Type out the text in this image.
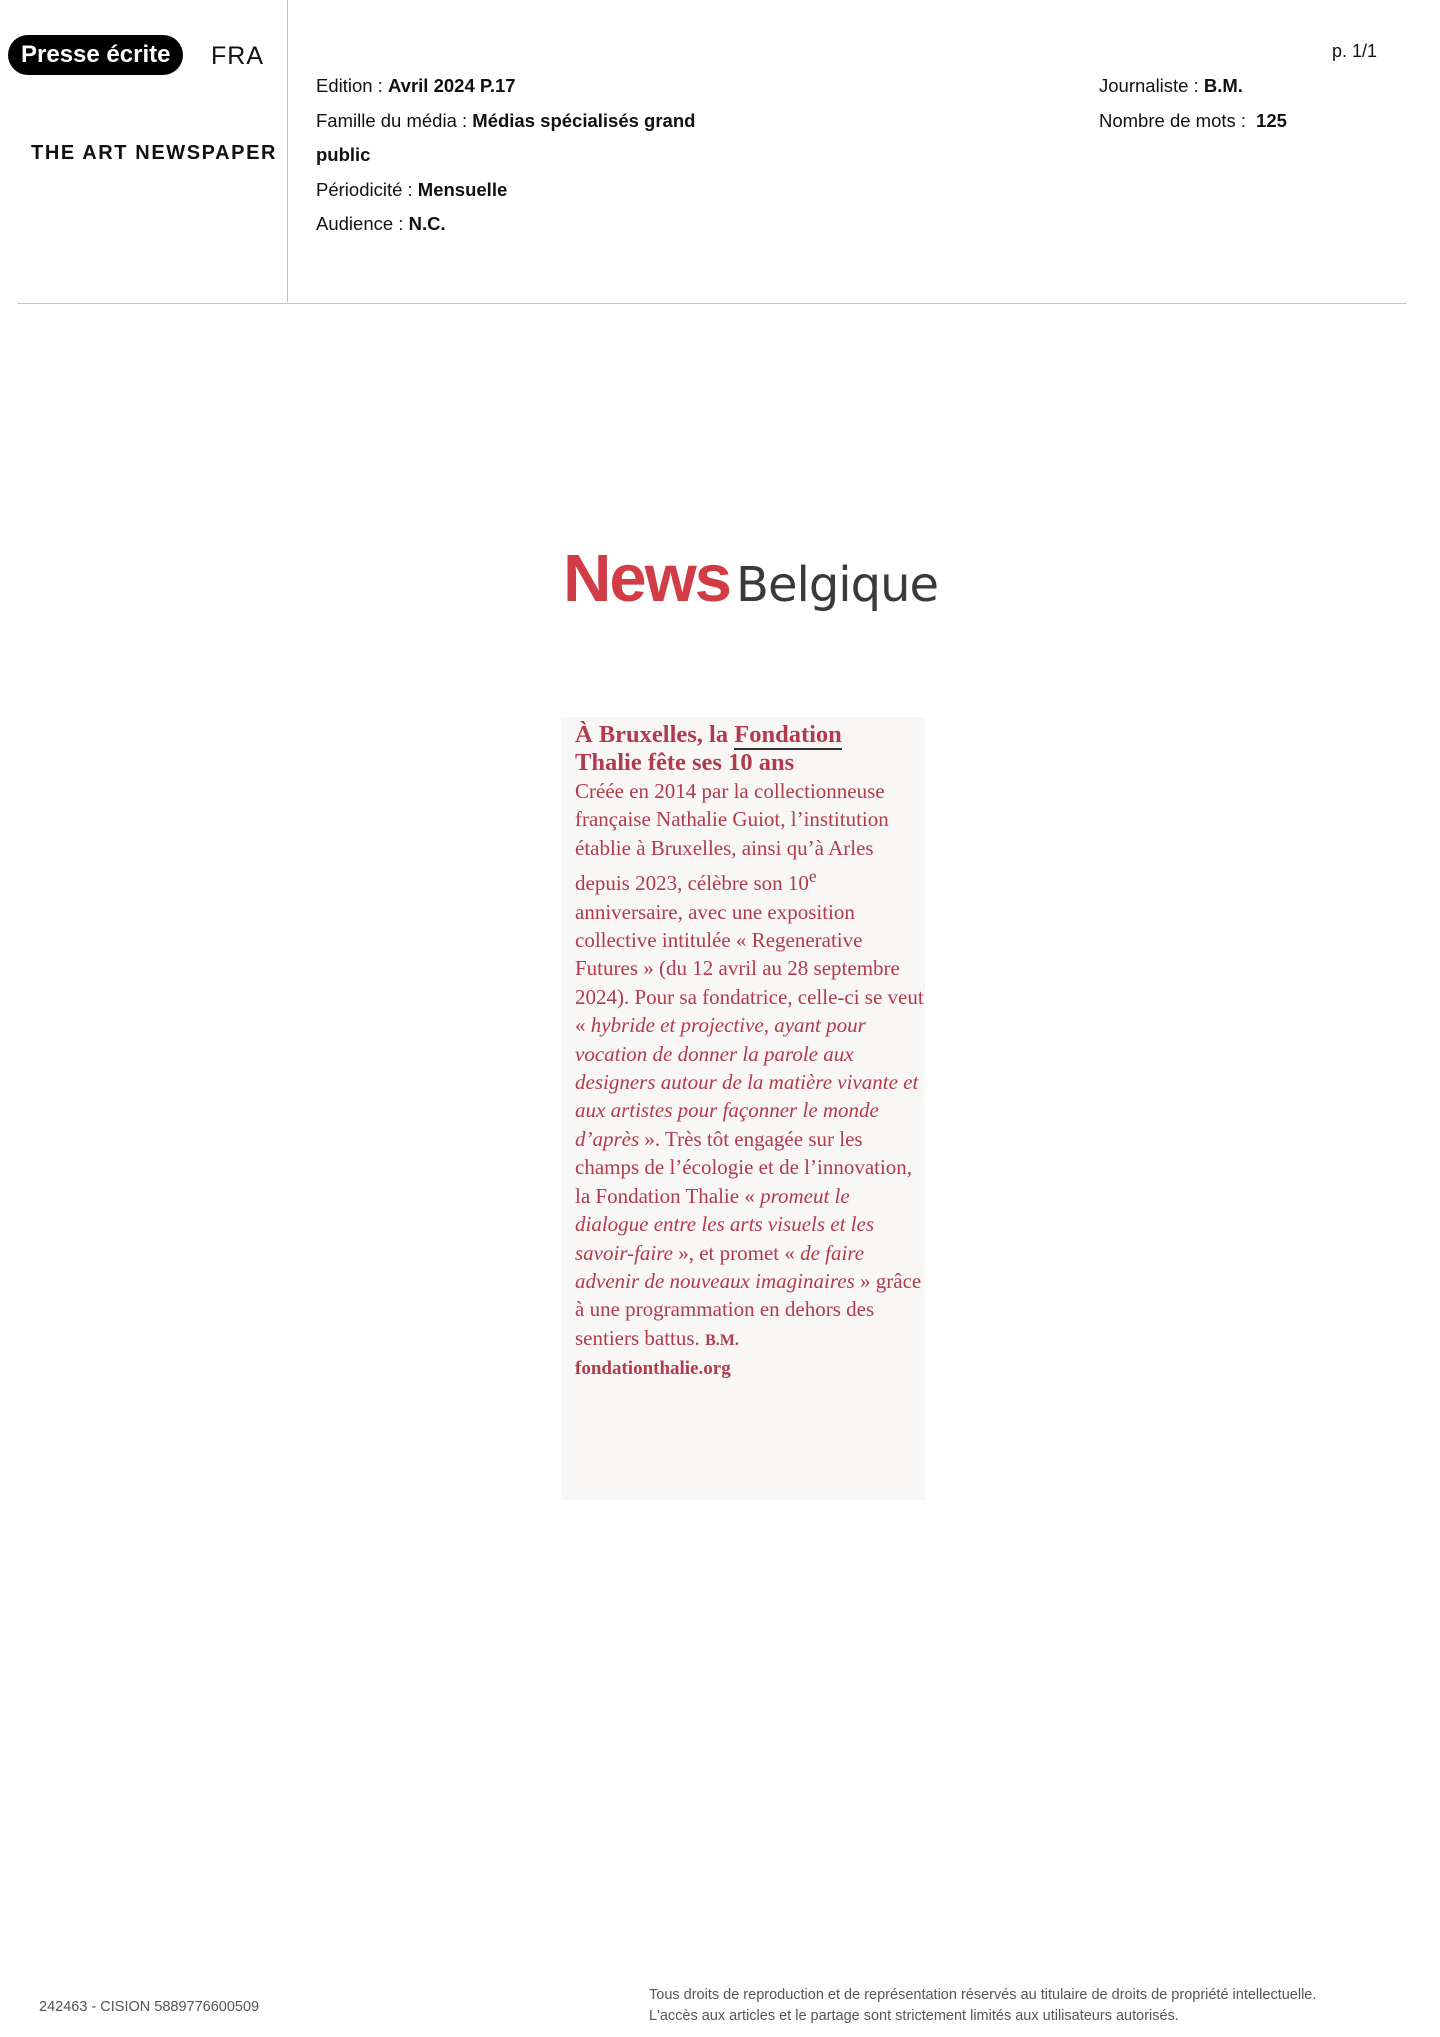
Presse écrite	FRA
THE ART NEWSPAPER
p. 1/1
Edition : Avril 2024 P.17
Famille du média : Médias spécialisés grand public
Périodicité : Mensuelle
Audience : N.C.
Journaliste : B.M.
Nombre de mots : 125
News Belgique
À Bruxelles, la Fondation
Thalie fête ses 10 ans
Créée en 2014 par la collectionneuse française Nathalie Guiot, l’institution établie à Bruxelles, ainsi qu’à Arles depuis 2023, célèbre son 10e anniversaire, avec une exposition collective intitulée « Regenerative Futures » (du 12 avril au 28 septembre 2024). Pour sa fondatrice, celle-ci se veut « hybride et projective, ayant pour vocation de donner la parole aux designers autour de la matière vivante et aux artistes pour façonner le monde d’après ». Très tôt engagée sur les champs de l’écologie et de l’innovation, la Fondation Thalie « promeut le dialogue entre les arts visuels et les savoir-faire », et promet « de faire advenir de nouveaux imaginaires » grâce à une programmation en dehors des sentiers battus. B.M.
fondationthalie.org
242463 - CISION 5889776600509
Tous droits de reproduction et de représentation réservés au titulaire de droits de propriété intellectuelle.
L'accès aux articles et le partage sont strictement limités aux utilisateurs autorisés.
